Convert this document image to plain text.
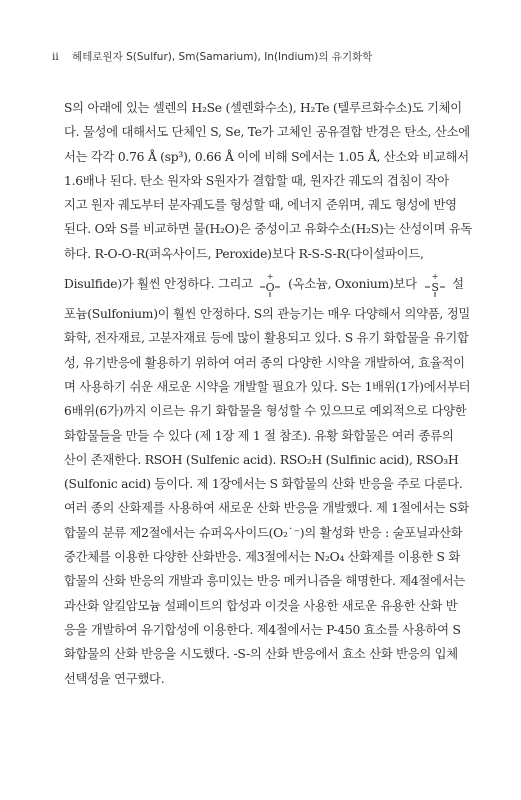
ii 헤테로원자 S(Sulfur), Sm(Samarium), In(Indium)의 유기화학
S의 아래에 있는 셀렌의 H₂Se (셀렌화수소), H₂Te (텔루르화수소)도 기체이
다. 물성에 대해서도 단체인 S, Se, Te가 고체인 공유결합 반경은 탄소, 산소에
서는 각각 0.76 Å (sp³), 0.66 Å 이에 비해 S에서는 1.05 Å, 산소와 비교해서
1.6배나 된다. 탄소 원자와 S원자가 결합할 때, 원자간 궤도의 겹침이 작아
지고 원자 궤도부터 분자궤도를 형성할 때, 에너지 준위며, 궤도 형성에 반영
된다. O와 S를 비교하면 물(H₂O)은 중성이고 유화수소(H₂S)는 산성이며 유독
하다. R-O-O-R(퍼옥사이드, Peroxide)보다 R-S-S-R(다이설파이드,
Disulfide)가 훨씬 안정하다. 그리고
+
O (옥소늄, Oxonium)보다
+
S 설
포늄(Sulfonium)이 훨씬 안정하다. S의 관능기는 매우 다양해서 의약품, 정밀
화학, 전자재료, 고분자재료 등에 많이 활용되고 있다. S 유기 화합물을 유기합
성, 유기반응에 활용하기 위하여 여러 종의 다양한 시약을 개발하여, 효율적이
며 사용하기 쉬운 새로운 시약을 개발할 필요가 있다. S는 1배위(1가)에서부터
6배위(6가)까지 이르는 유기 화합물을 형성할 수 있으므로 예외적으로 다양한
화합물들을 만들 수 있다 (제 1장 제 1 절 참조). 유황 화합물은 여러 종류의
산이 존재한다. RSOH (Sulfenic acid). RSO₂H (Sulfinic acid), RSO₃H
(Sulfonic acid) 등이다. 제 1장에서는 S 화합물의 산화 반응을 주로 다룬다.
여러 종의 산화제를 사용하여 새로운 산화 반응을 개발했다. 제 1절에서는 S화
합물의 분류 제2절에서는 슈퍼옥사이드(O₂˙⁻)의 활성화 반응 : 술포닐과산화
중간체를 이용한 다양한 산화반응. 제3절에서는 N₂O₄ 산화제를 이용한 S 화
합물의 산화 반응의 개발과 흥미있는 반응 메커니즘을 해명한다. 제4절에서는
과산화 알킬암모늄 설페이트의 합성과 이것을 사용한 새로운 유용한 산화 반
응을 개발하여 유기합성에 이용한다. 제4절에서는 P-450 효소를 사용하여 S
화합물의 산화 반응을 시도했다. -S-의 산화 반응에서 효소 산화 반응의 입체
선택성을 연구했다.
